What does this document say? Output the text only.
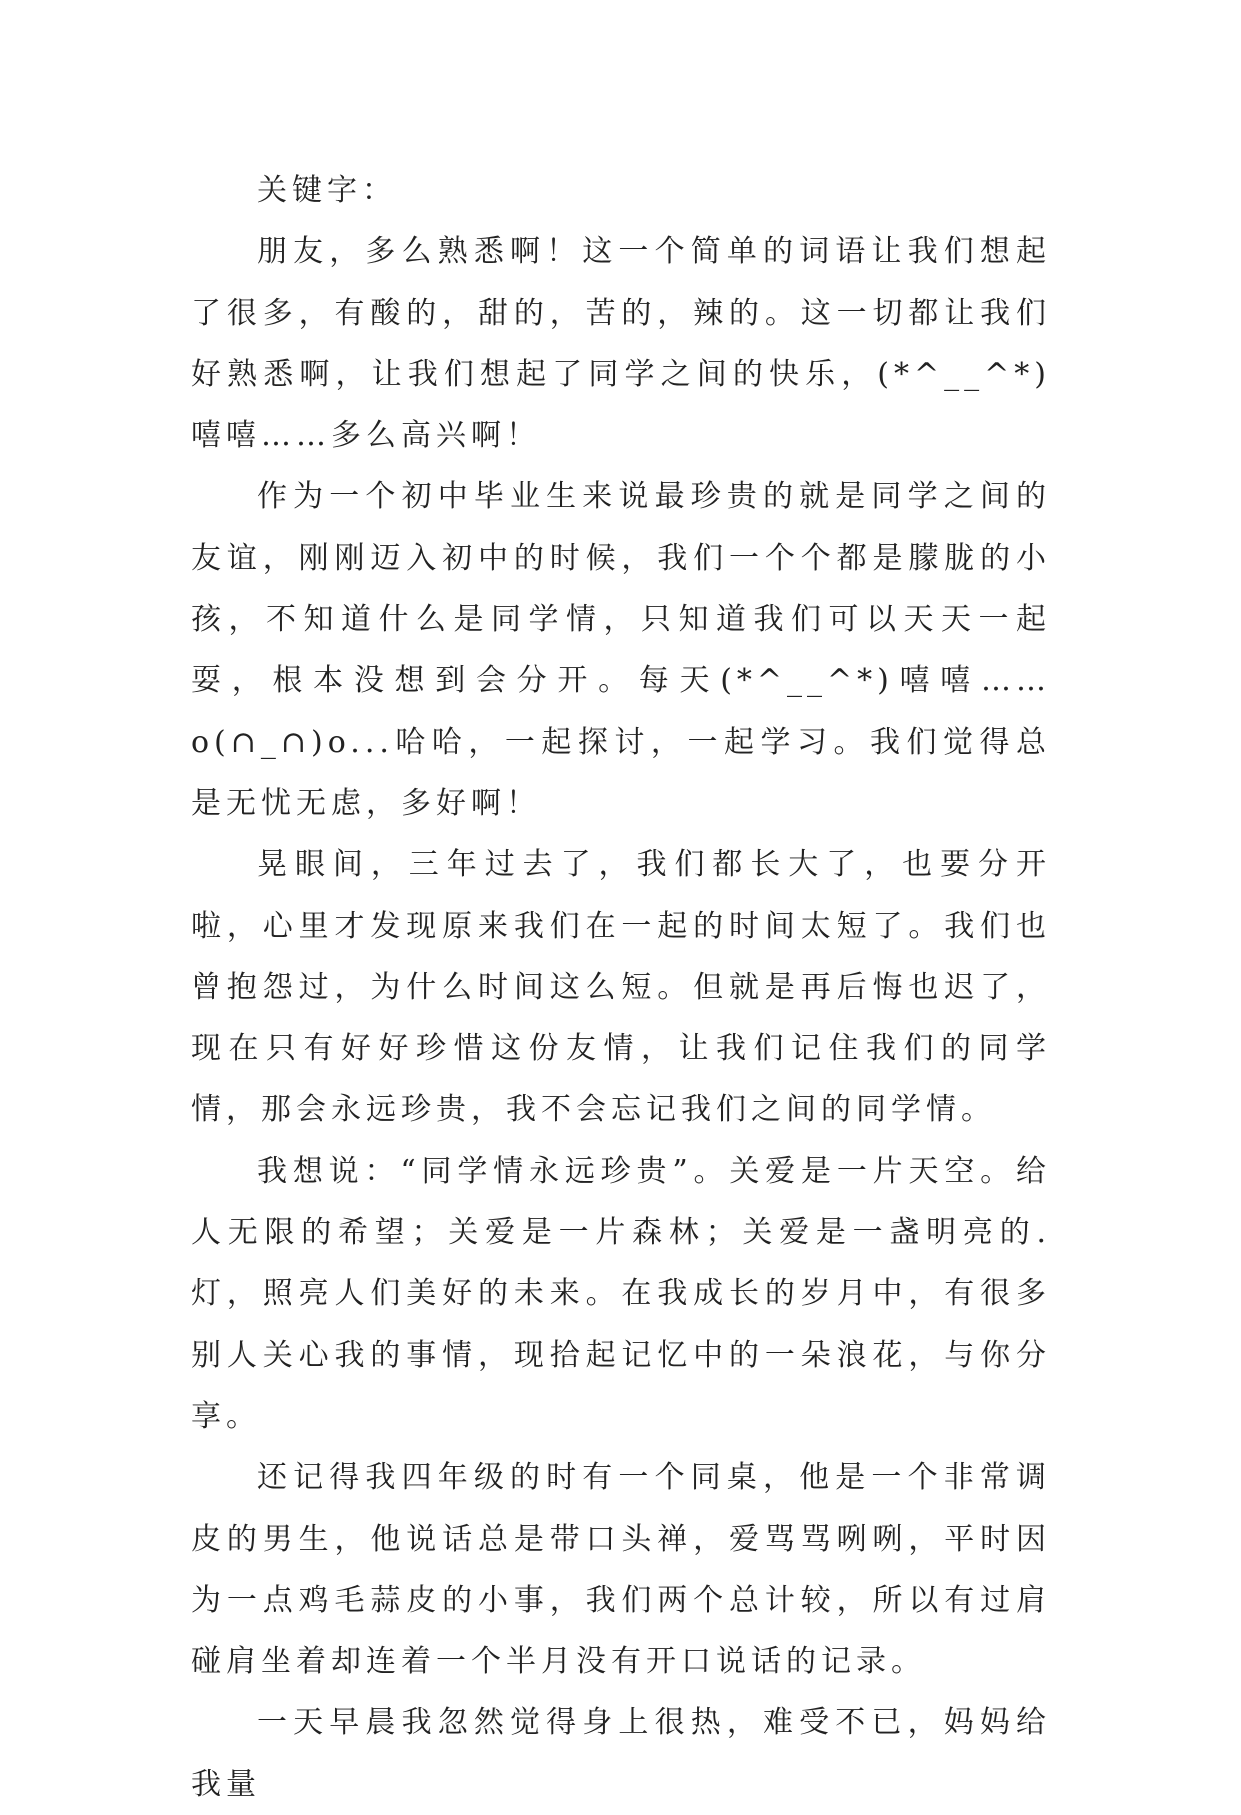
关键字：

朋友，多么熟悉啊！这一个简单的词语让我们想起了很多，有酸的，甜的，苦的，辣的。这一切都让我们好熟悉啊，让我们想起了同学之间的快乐，(*^__^*)嘻嘻……多么高兴啊！

作为一个初中毕业生来说最珍贵的就是同学之间的友谊，刚刚迈入初中的时候，我们一个个都是朦胧的小孩，不知道什么是同学情，只知道我们可以天天一起耍，根本没想到会分开。每天(*^__^*)嘻嘻……o(∩_∩)o...哈哈，一起探讨，一起学习。我们觉得总是无忧无虑，多好啊！

晃眼间，三年过去了，我们都长大了，也要分开啦，心里才发现原来我们在一起的时间太短了。我们也曾抱怨过，为什么时间这么短。但就是再后悔也迟了，现在只有好好珍惜这份友情，让我们记住我们的同学情，那会永远珍贵，我不会忘记我们之间的同学情。

我想说：“同学情永远珍贵”。关爱是一片天空。给人无限的希望；关爱是一片森林；关爱是一盏明亮的.灯，照亮人们美好的未来。在我成长的岁月中，有很多别人关心我的事情，现拾起记忆中的一朵浪花，与你分享。

还记得我四年级的时有一个同桌，他是一个非常调皮的男生，他说话总是带口头禅，爱骂骂咧咧，平时因为一点鸡毛蒜皮的小事，我们两个总计较，所以有过肩碰肩坐着却连着一个半月没有开口说话的记录。

一天早晨我忽然觉得身上很热，难受不已，妈妈给我量
